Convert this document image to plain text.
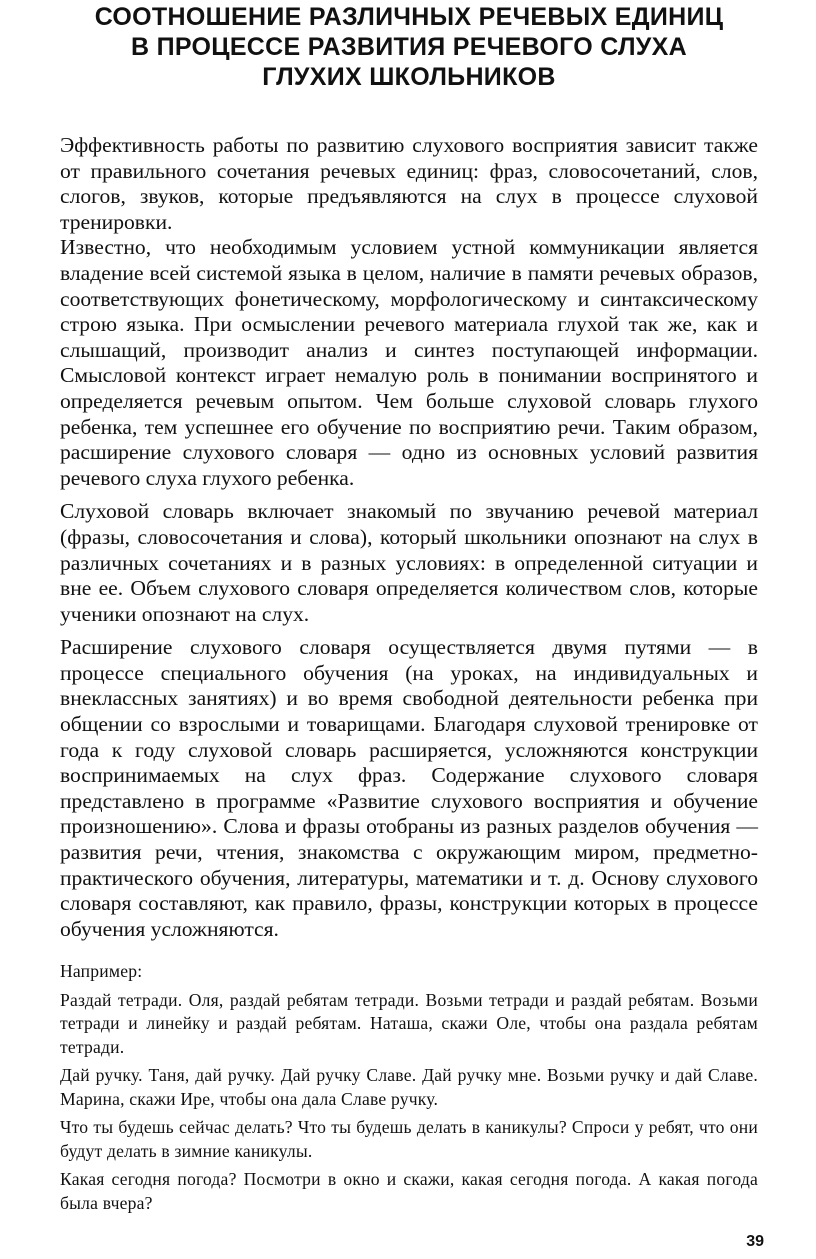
СООТНОШЕНИЕ РАЗЛИЧНЫХ РЕЧЕВЫХ ЕДИНИЦ
В ПРОЦЕССЕ РАЗВИТИЯ РЕЧЕВОГО СЛУХА
ГЛУХИХ ШКОЛЬНИКОВ

Эффективность работы по развитию слухового восприятия зависит также от правильного сочетания речевых единиц: фраз, словосочетаний, слов, слогов, звуков, которые предъявляются на слух в процессе слуховой тренировки.

Известно, что необходимым условием устной коммуникации является владение всей системой языка в целом, наличие в памяти речевых образов, соответствующих фонетическому, морфологическому и синтаксическому строю языка. При осмыслении речевого материала глухой так же, как и слышащий, производит анализ и синтез поступающей информации. Смысловой контекст играет немалую роль в понимании воспринятого и определяется речевым опытом. Чем больше слуховой словарь глухого ребенка, тем успешнее его обучение по восприятию речи. Таким образом, расширение слухового словаря — одно из основных условий развития речевого слуха глухого ребенка.

Слуховой словарь включает знакомый по звучанию речевой материал (фразы, словосочетания и слова), который школьники опознают на слух в различных сочетаниях и в разных условиях: в определенной ситуации и вне ее. Объем слухового словаря определяется количеством слов, которые ученики опознают на слух.

Расширение слухового словаря осуществляется двумя путями — в процессе специального обучения (на уроках, на индивидуальных и внеклассных занятиях) и во время свободной деятельности ребенка при общении со взрослыми и товарищами. Благодаря слуховой тренировке от года к году слуховой словарь расширяется, усложняются конструкции воспринимаемых на слух фраз. Содержание слухового словаря представлено в программе «Развитие слухового восприятия и обучение произношению». Слова и фразы отобраны из разных разделов обучения — развития речи, чтения, знакомства с окружающим миром, предметно-практического обучения, литературы, математики и т. д. Основу слухового словаря составляют, как правило, фразы, конструкции которых в процессе обучения усложняются.

Например:

Раздай тетради. Оля, раздай ребятам тетради. Возьми тетради и раздай ребятам. Возьми тетради и линейку и раздай ребятам. Наташа, скажи Оле, чтобы она раздала ребятам тетради.

Дай ручку. Таня, дай ручку. Дай ручку Славе. Дай ручку мне. Возьми ручку и дай Славе. Марина, скажи Ире, чтобы она дала Славе ручку.

Что ты будешь сейчас делать? Что ты будешь делать в каникулы? Спроси у ребят, что они будут делать в зимние каникулы.

Какая сегодня погода? Посмотри в окно и скажи, какая сегодня погода. А какая погода была вчера?

39
